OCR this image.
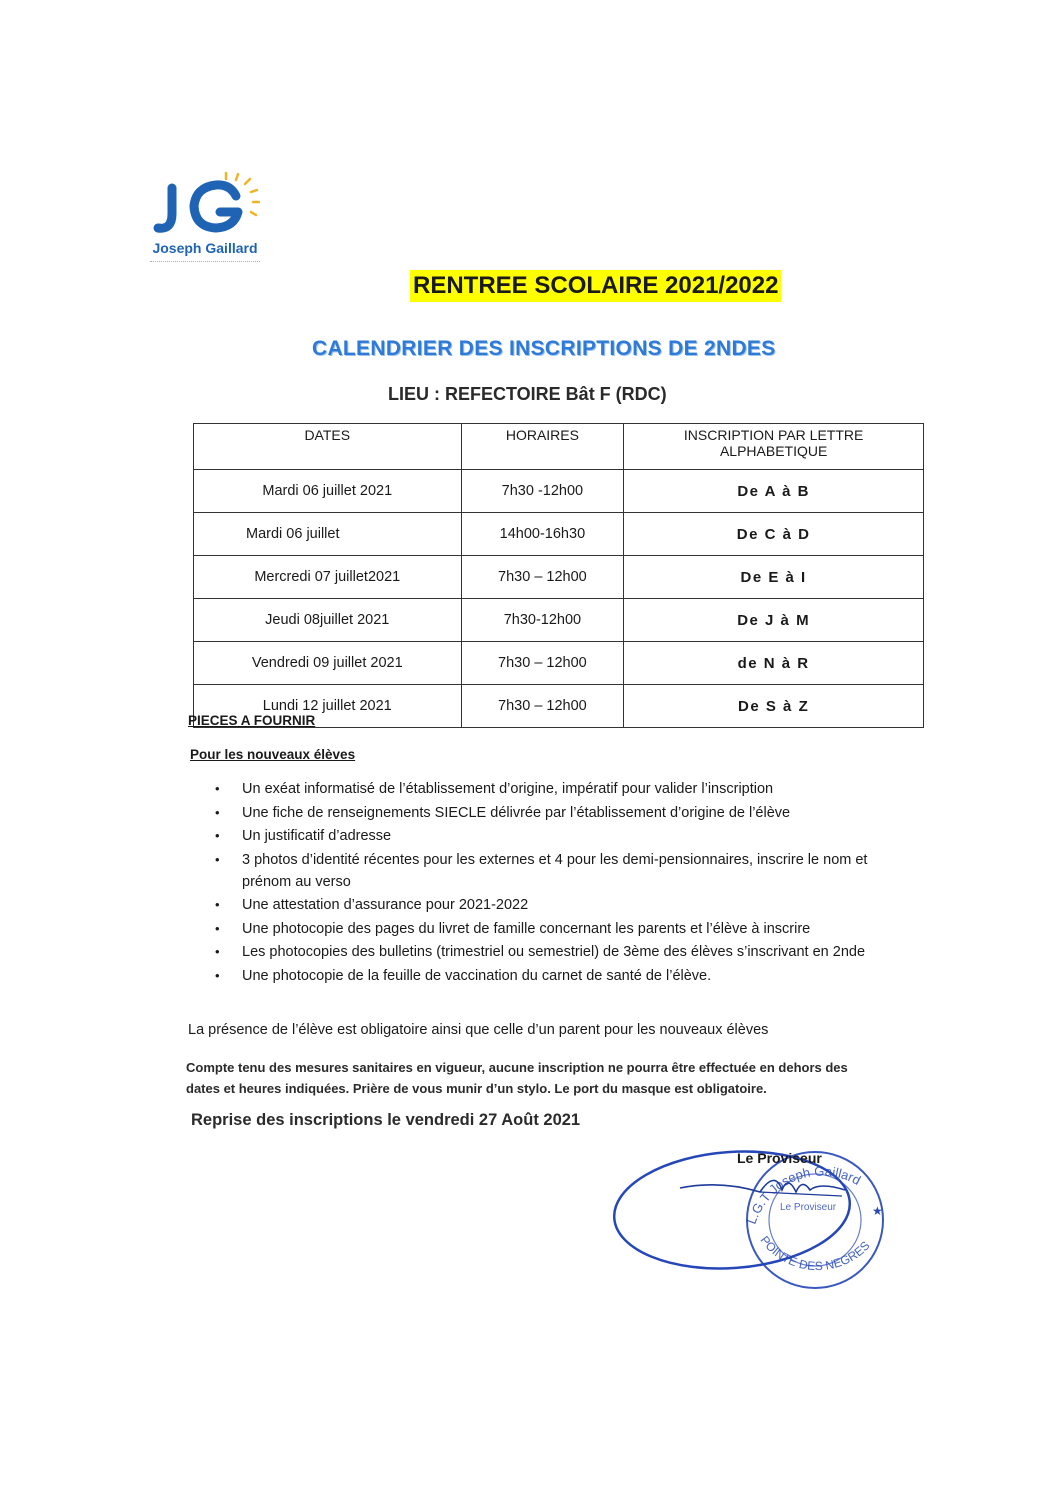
Joseph Gaillard
RENTREE SCOLAIRE 2021/2022
CALENDRIER DES INSCRIPTIONS DE 2NDES
LIEU : REFECTOIRE Bât F (RDC)
DATES	HORAIRES	INSCRIPTION PAR LETTRE ALPHABETIQUE
Mardi 06 juillet 2021	7h30 -12h00	De A à B
Mardi 06 juillet	14h00-16h30	De C à D
Mercredi 07 juillet2021	7h30 – 12h00	De E à I
Jeudi 08juillet 2021	7h30-12h00	De J à M
Vendredi 09 juillet 2021	7h30 – 12h00	de N à R
Lundi 12 juillet 2021	7h30 – 12h00	De S à Z
PIECES A FOURNIR
Pour les nouveaux élèves
• Un exéat informatisé de l’établissement d’origine, impératif pour valider l’inscription
• Une fiche de renseignements SIECLE délivrée par l’établissement d’origine de l’élève
• Un justificatif d’adresse
• 3 photos d’identité récentes pour les externes et 4 pour les demi-pensionnaires, inscrire le nom et prénom au verso
• Une attestation d’assurance pour 2021-2022
• Une photocopie des pages du livret de famille concernant les parents et l’élève à inscrire
• Les photocopies des bulletins (trimestriel ou semestriel) de 3ème des élèves s’inscrivant en 2nde
• Une photocopie de la feuille de vaccination du carnet de santé de l’élève.
La présence de l’élève est obligatoire ainsi que celle d’un parent pour les nouveaux élèves
Compte tenu des mesures sanitaires en vigueur, aucune inscription ne pourra être effectuée en dehors des dates et heures indiquées. Prière de vous munir d’un stylo. Le port du masque est obligatoire.
Reprise des inscriptions le vendredi 27 Août 2021
L.G.T Joseph Gaillard
POINTE DES NEGRES
Le Proviseur	★
Le Proviseur
